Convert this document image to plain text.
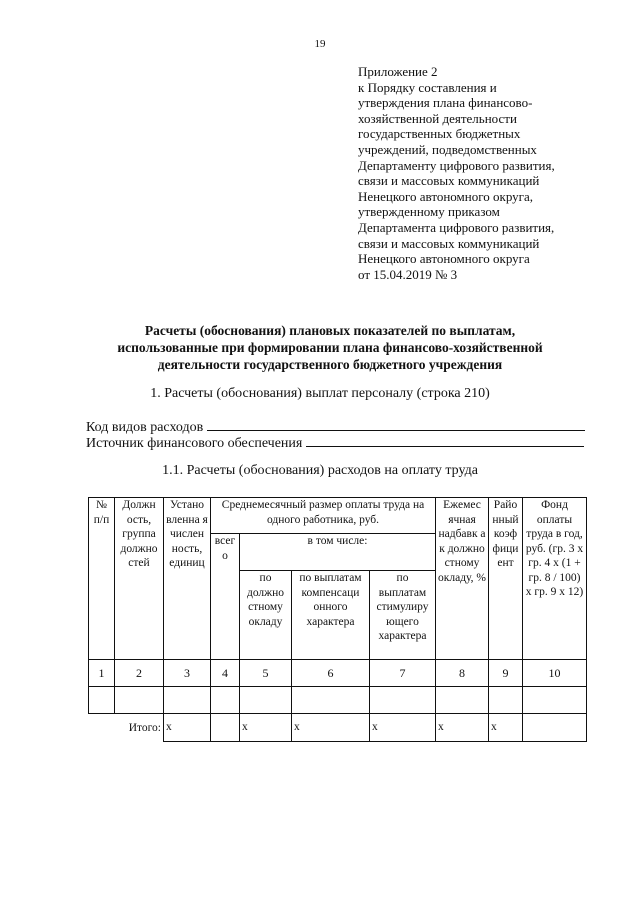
19
Приложение 2
к Порядку составления и
утверждения плана финансово-
хозяйственной деятельности
государственных бюджетных
учреждений, подведомственных
Департаменту цифрового развития,
связи и массовых коммуникаций
Ненецкого автономного округа,
утвержденному приказом
Департамента цифрового развития,
связи и массовых коммуникаций
Ненецкого автономного округа
от 15.04.2019 № 3
Расчеты (обоснования) плановых показателей по выплатам,
использованные при формировании плана финансово-хозяйственной
деятельности государственного бюджетного учреждения
1. Расчеты (обоснования) выплат персоналу (строка 210)
Код видов расходов
Источник финансового обеспечения
1.1. Расчеты (обоснования) расходов на оплату труда
№ п/п	Должн ость, группа должно стей	Устано вленна я числен ность, единиц	Среднемесячный размер оплаты труда на одного работника, руб.				Ежемес ячная надбавк а к должно стному окладу, %	Райо нный коэф фици ент	Фонд оплаты труда в год, руб. (гр. 3 х гр. 4 х (1 + гр. 8 / 100) х гр. 9 х 12)
			всег о	в том числе:					
				по должно стному окладу	по выплатам компенсаци онного характера	по выплатам стимулиру ющего характера			
1	2	3	4	5	6	7	8	9	10

Итого:		х		х	х	х	х	х	
